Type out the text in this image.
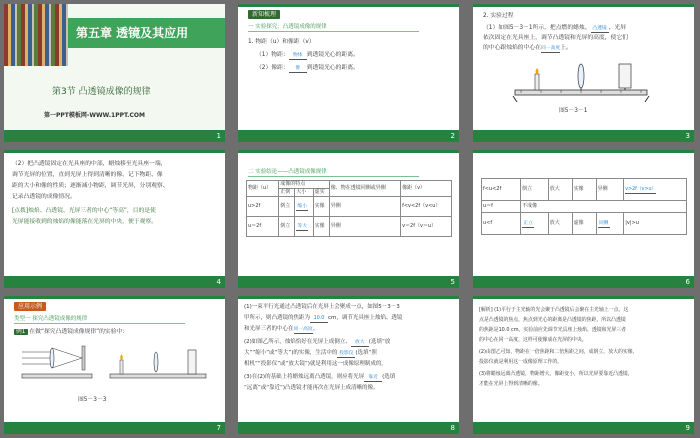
第五章 透镜及其应用
第3节 凸透镜成像的规律
第一PPT模板网-WWW.1PPT.COM
1
新知梳理
一 实验探究：凸透镜成像的规律
1. 物距（u）和像距（v）
（1）物距： 物体 到透镜光心的距离。
（2）像距： 像 到透镜光心的距离。
2
2. 实验过程
（1）如图5－3－1所示，把点燃的蜡烛、 凸透镜 、光屏
依次固定在光具座上，调节凸透镜和光屏的高度，使它们
的中心跟烛焰的中心在同一高度上。
图5－3－1
3
（2）把凸透镜固定在光具座的中部，蜡烛移至光具座一端，
调节光屏的位置，直到光屏上得到清晰的像，记下物距、像
距的大小和像的性质；逐渐减小物距，调节光屏，分别观察、
记录凸透镜的成像情况。
[点拨]烛焰、凸透镜、光屏三者的中心“等高”，目的是使
光屏能接收到的烛焰的像能落在光屏的中央，便于观察。
4
二 实验结论——凸透镜成像规律
物距（u）	成像的特点			像、物在透镜同侧或异侧	像距（v）
	正倒	大小	虚实		
u>2f	倒立	缩小	实像	异侧	f<v<2f（v<u）
u＝2f	倒立	等大	实像	异侧	v＝2f（v＝u）
5
f<u<2f	倒立	放大	实像	异侧	v>2f（v>u）
u＝f	不成像				
u<f	正立	放大	虚像	同侧	|v|>u
6
应用示例
类型一 探究凸透镜成像的规律
例1 在做“探究凸透镜成像规律”的实验中：
图5－3－3
7
(1)一束平行光通过凸透镜后在光屏上会聚成一点，如图5－3－3
甲所示，则凸透镜的焦距为 10.0 cm，调节光具座上烛焰、透镜
和光屏三者的中心在同一高度。
(2)如图乙所示，烛焰恰好在光屏上成倒立、 放大 (选填“放
大”“缩小”或“等大”)的实像，生活中的 投影仪 (选填“照
相机”“投影仪”或“放大镜”)就是利用这一成像原理制成的。
(3)在(2)的基础上将蜡烛远离凸透镜，则应将光屏 靠近 (选填
“远离”或“靠近”)凸透镜才能再次在光屏上成清晰的像。
8
[解析] (1)平行于主光轴的光会聚于凸透镜后会聚在主光轴上一点，这
点是凸透镜的焦点，焦点到光心的距离是凸透镜的焦距，所以凸透镜
的焦距是10.0 cm。实验前应先调节光具座上烛焰、透镜和光屏三者
的中心在同一高度，这样可使像成在光屏的中央。
(2)由图乙可知，物距在一倍焦距和二倍焦距之间，成倒立、放大的实像，
投影仪就是利用这一成像原理工作的。
(3)将蜡烛远离凸透镜，物距增大，像距变小，所以光屏要靠近凸透镜，
才能在光屏上得到清晰的像。
9
